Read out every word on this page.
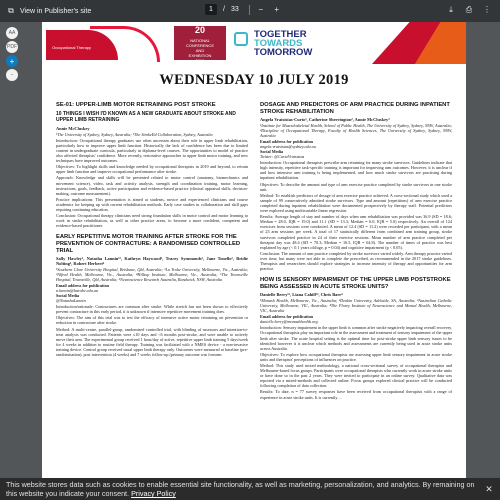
⧉ View in Publisher's site	1	/ 33	−	+	⤓	⎙ ⋮
AA
PDF
+
−
Occupational Therapy
20
NATIONAL
CONFERENCE
AND
EXHIBITION
2019
TOGETHER
TOWARDS
TOMORROW
WEDNESDAY 10 JULY 2019
SE-01: UPPER-LIMB MOTOR RETRAINING POST STROKE
10 THINGS I WISH I'D KNOWN AS A NEW GRADUATE ABOUT STROKE AND UPPER LIMB RETRAINING
Annie McCluskey
¹The University of Sydney, Sydney, Australia; ²The StrokeEd Collaboration, Sydney, Australia
Introduction: Occupational therapy graduates use often uncertain about their role in upper limb rehabilitation, particularly how to improve upper limb function. Historically the lack of confidence has been due to limited content in undergraduate curricula, particularly in diploma-level courses. The opportunities to model of practice also affected therapists' confidence. More recently, restorative approaches to upper limb motor training, and new techniques have improved outcomes.
Objectives: To highlight skills and knowledge needed by occupational therapists in 2019 and beyond, to retrain upper limb function and improve occupational performance after stroke.
Approach: Knowledge and skills will be presented related to motor control (anatomy, biomechanics and movement science), video, task and activity analysis, strength and coordination training, motor learning, instructions, goals, feedback, active participation and evidence-based practice (clinical appraisal skills, decision-making, outcome measurement).
Practice implications: This presentation is aimed at students, novice and experienced clinicians and course academics for keeping up with current rehabilitation methods. Early case studies in collaboration and skill gaps requiring continuing education.
Conclusion: Occupational therapy clinicians need strong foundation skills in motor control and motor learning to work in stroke rehabilitation, as well as other practice areas, to become a more confident, competent and evidence-based practitioner.
EARLY REPETITIVE MOTOR TRAINING AFTER STROKE FOR THE PREVENTION OF CONTRACTURE: A RANDOMISED CONTROLLED TRIAL
Sally Hawley¹, Natasha Lannin¹², Kathryn Haywood³, Tracey Symmonds³, Jane Tonello³, Bridie Nolting³, Robert Herbert⁴
¹Southern Clare University Hospital, Brisbane, Qld, Australia; ²La Trobe University, Melbourne, Vic., Australia; ³Alfred Health, Melbourne, Vic., Australia; ⁴Hilltop Institute, Melbourne, Vic., Australia; ⁵The Townsville Hospital, Townsville, Qld, Australia; ⁶Neuroscience Research Australia, Randwick, NSW, Australia
Email address for publication
n.lannin@latrobe.edu.au
Social Media
@NatashaLannin
Introduction/rationale: Contractures are common after stroke. While stretch has not been shown to effectively prevent contracture in this early period, it is unknown if intensive repetitive movement training does.
Objectives: The aim of this trial was to test the efficacy of intensive active motor retraining on prevention or reduction in contracture after stroke.
Method: A multi-centre, parallel-group, randomised controlled trial, with blinding of assessors and intention-to-treat analysis was conducted. Patients were ≤10 days and <6 months post-stroke, and were unable to actively move their arm. The experimental group received 1 hour/day of active, repetitive upper limb training 5 days/week for 4 weeks in addition to routine field therapy. Training was facilitated with a NMES device - a non-invasive training device. Control group received usual upper limb therapy only. Outcomes were measured at baseline (pre-randomisation), post intervention (4 weeks) and 7 weeks follow-up (primary outcome was forearm
DOSAGE AND PREDICTORS OF ARM PRACTICE DURING INPATIENT STROKE REHABILITATION
Angela Vratsistas-Curto¹, Catherine Sherrington², Annie McCluskey³
¹Institute for Musculoskeletal Health, School of Public Health, The University of Sydney, Sydney, NSW, Australia; ²Discipline of Occupational Therapy, Faculty of Health Sciences, The University of Sydney, Sydney, NSW, Australia
Email address for publication
angela.vratsistas@sydney.edu.au
Social Media
Twitter: @CurtoVratsistas
Introduction: Occupational therapists prescribe arm retraining for many stroke survivors. Guidelines indicate that high intensity, repetitive task-specific training is important for improving arm outcomes. However, it is unclear if and how intensive arm training is being implemented, and how much stroke survivors are practising during inpatient rehabilitation.
Objectives: To describe the amount and type of arm exercise practice completed by stroke survivors in one stroke unit.
Method: To establish predictors of dosage of arm exercise practice achieved. A cross-sectional study which used a sample of 99 consecutively admitted stroke survivors. Type and amount (repetitions) of arm exercise practice completed during inpatient rehabilitation were documented prospectively by therapy staff. Potential predictors were explored using multivariable linear regression.
Results: Average length of stay and number of days when arm rehabilitation was provided was 36.9 (SD = 18.6; Median = 28.0, IQR = 19.0) and 11.1 (SD = 13.3; Median = 6.0, IQR = 5.0) respectively. An overall of 124 exercises from sessions were conducted. A mean of 12.4 (SD = 11.2) were recorded per participant, with a mean of 23 arm sessions per week. A total of 17 statistically different from combined arm training group, stroke survivors completed practice in 24 of their exercise sessions. Mean number of arm practice completed per therapist day was 48.4 (SD = 70.3; Median = 16.5, IQR = 64.8). The number of times of practice was best explained by age (< 0.1 years old/age, p = 0.04) and cognitive impairment (p < 0.05).
Conclusion: The amount of arm practice completed by stroke survivors varied widely. Arm therapy practice varied over time, but many were not able to complete the prescribed, as recommended in the 2017 stroke guidelines. Therapists and researchers should explore strategies to increase intensity of therapy and opportunities for arm practice.
HOW IS SENSORY IMPAIRMENT OF THE UPPER LIMB POSTSTROKE BEING ASSESSED IN ACUTE STROKE UNITS?
Danielle Berry¹², Liana Cahill¹³, Chris Barr⁴
¹Monash Health, Melbourne, Vic., Australia; ²Deakin University, Adelaide, SA, Australia; ³Australian Catholic University, Melbourne, VIC, Australia; ⁴The Florey Institute of Neuroscience and Mental Health, Melbourne, VIC, Australia
Email address for publication
danielle.berry@monashhealth.org
Introduction: Sensory impairment in the upper limb is common after stroke negatively impacting overall recovery. Occupational therapists play an important role in the assessment and treatment of sensory impairment of the upper limb after stroke. The acute hospital setting is the optimal time for post-stroke upper limb sensory issues to be identified however it is unclear which methods and assessments are currently being used in acute stroke units across Australia.
Objectives: To explore how occupational therapists are assessing upper limb sensory impairment in acute stroke units and therapists' perceptions of influences on practice.
Method: This study used mixed methodology, a national cross-sectional survey of occupational therapists and Melbourne-based focus groups. Participants were occupational therapists who currently work in acute stroke units or have done so in the past 2 years. They were invited to participate in an online survey. Qualitative data was reported via a mixed-methods and collected online. Focus groups explored clinical practice will be conducted following completion of data collection.
Results: To date, n = 77 survey responses have been received from occupational therapists with a range of experience in acute stroke units. It is currently ...
This website stores data such as cookies to enable essential site functionality, as well as marketing, personalization, and analytics. By remaining on this website you indicate your consent. Privacy Policy	✕
